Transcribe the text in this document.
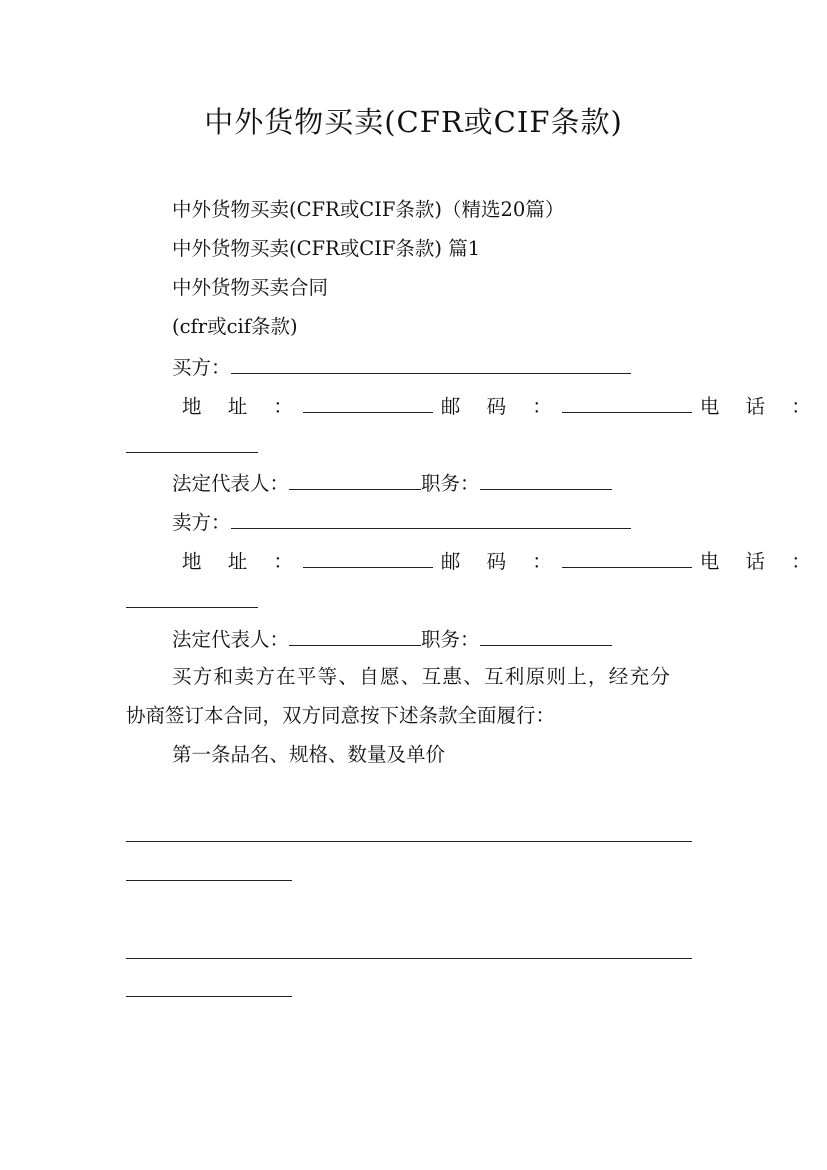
中外货物买卖(CFR或CIF条款)
中外货物买卖(CFR或CIF条款)（精选20篇）
中外货物买卖(CFR或CIF条款) 篇1
中外货物买卖合同
(cfr或cif条款)
买方：
地 址 ：	邮 码 ：	电 话 ：
法定代表人：	职务：
卖方：
地 址 ：	邮 码 ：	电 话 ：
法定代表人：	职务：
买方和卖方在平等、自愿、互惠、互利原则上，经充分
协商签订本合同，双方同意按下述条款全面履行：
第一条品名、规格、数量及单价
